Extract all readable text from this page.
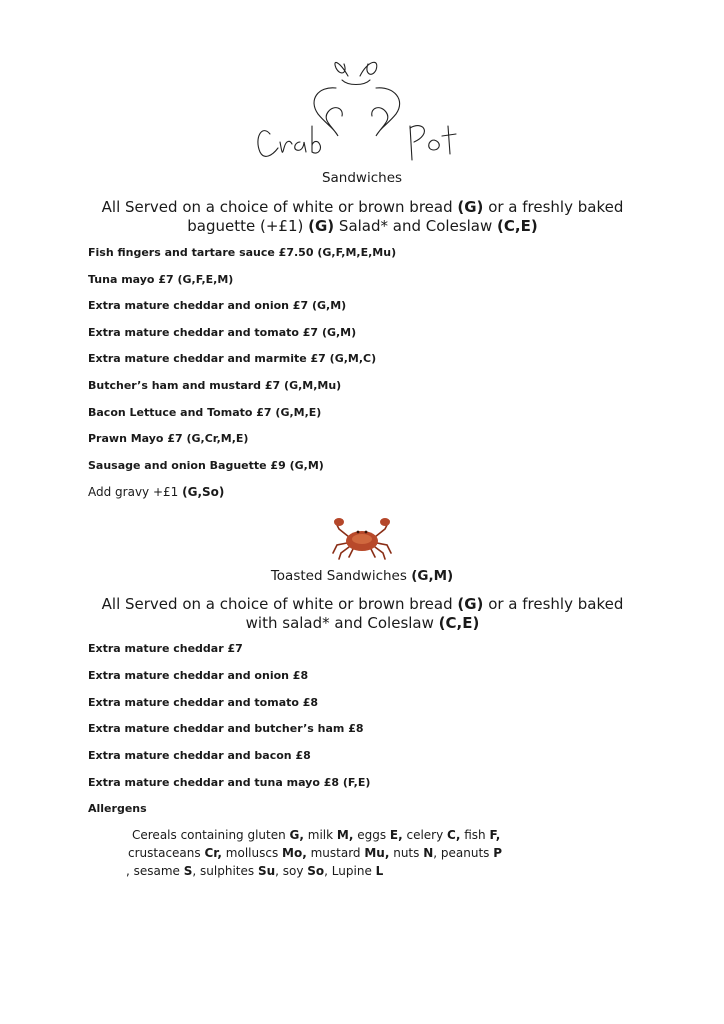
Sandwiches
All Served on a choice of white or brown bread (G) or a freshly baked baguette (+£1) (G) Salad* and Coleslaw (C,E)
Fish fingers and tartare sauce £7.50 (G,F,M,E,Mu)
Tuna mayo £7 (G,F,E,M)
Extra mature cheddar and onion £7 (G,M)
Extra mature cheddar and tomato £7 (G,M)
Extra mature cheddar and marmite £7 (G,M,C)
Butcher’s ham and mustard £7 (G,M,Mu)
Bacon Lettuce and Tomato £7 (G,M,E)
Prawn Mayo £7 (G,Cr,M,E)
Sausage and onion Baguette £9 (G,M)
Add gravy +£1 (G,So)
Toasted Sandwiches (G,M)
All Served on a choice of white or brown bread (G) or a freshly baked with salad* and Coleslaw (C,E)
Extra mature cheddar £7
Extra mature cheddar and onion £8
Extra mature cheddar and tomato £8
Extra mature cheddar and butcher’s ham £8
Extra mature cheddar and bacon £8
Extra mature cheddar and tuna mayo £8 (F,E)
Allergens
Cereals containing gluten G, milk M, eggs E, celery C, fish F,
crustaceans Cr, molluscs Mo, mustard Mu, nuts N, peanuts P
, sesame S, sulphites Su, soy So, Lupine L
